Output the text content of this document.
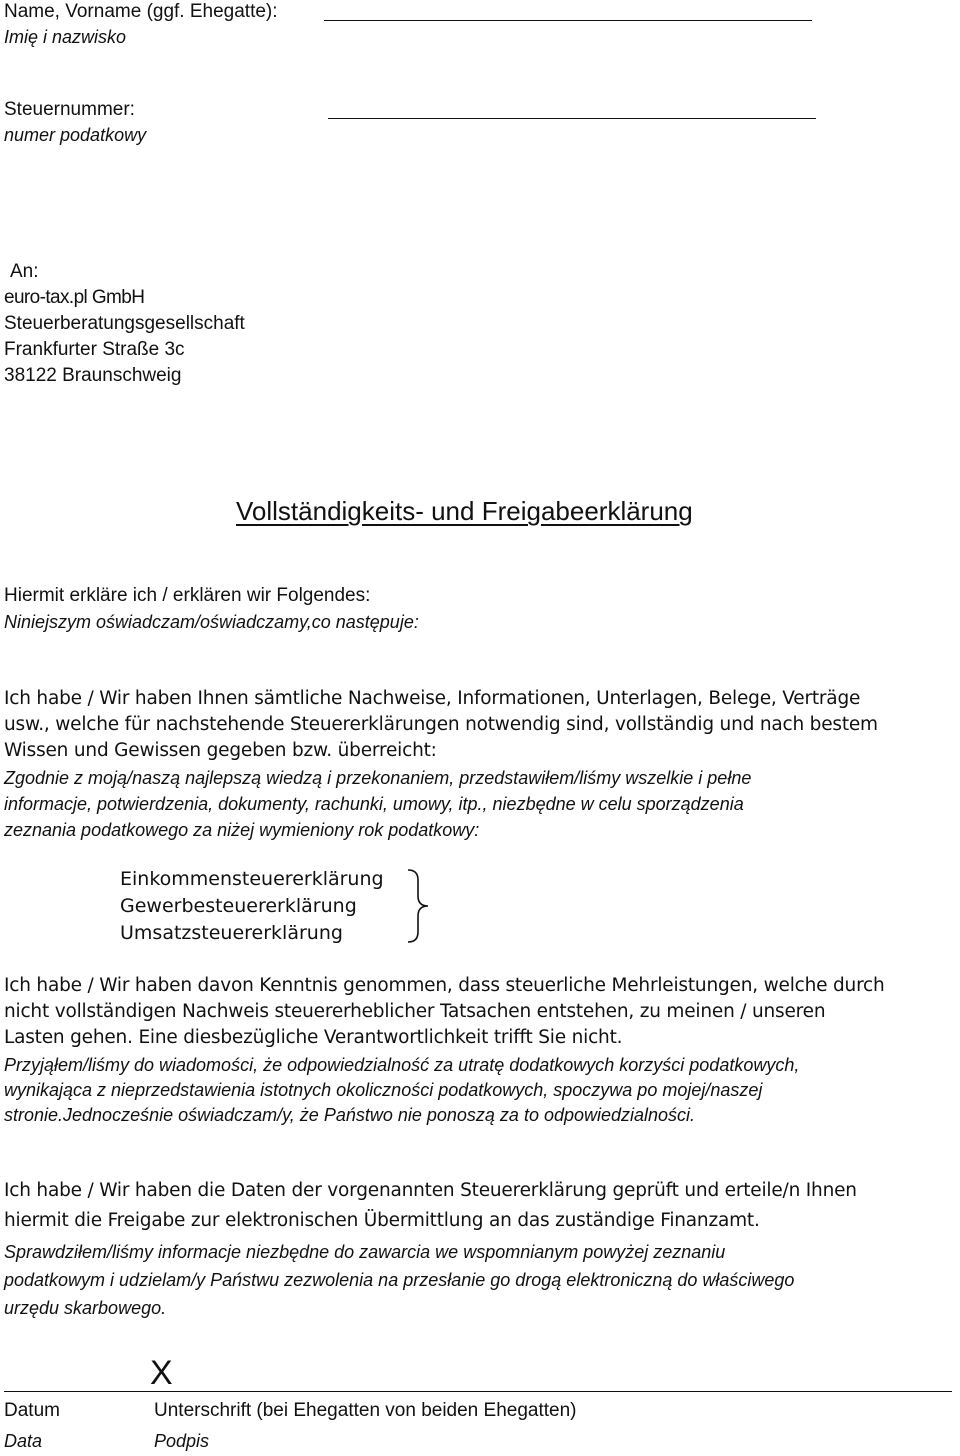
Name, Vorname (ggf. Ehegatte):
Imię i nazwisko
Steuernummer:
numer podatkowy
An:
euro-tax.pl GmbH
Steuerberatungsgesellschaft
Frankfurter Straße 3c
38122 Braunschweig
Vollständigkeits- und Freigabeerklärung
Hiermit erkläre ich / erklären wir Folgendes:
Niniejszym oświadczam/oświadczamy,co następuje:
Ich habe / Wir haben Ihnen sämtliche Nachweise, Informationen, Unterlagen, Belege, Verträge
usw., welche für nachstehende Steuererklärungen notwendig sind, vollständig und nach bestem
Wissen und Gewissen gegeben bzw. überreicht:
Zgodnie z moją/naszą najlepszą wiedzą i przekonaniem, przedstawiłem/liśmy wszelkie i pełne
informacje, potwierdzenia, dokumenty, rachunki, umowy, itp., niezbędne w celu sporządzenia
zeznania podatkowego za niżej wymieniony rok podatkowy:
Einkommensteuererklärung
Gewerbesteuererklärung
Umsatzsteuererklärung
Ich habe / Wir haben davon Kenntnis genommen, dass steuerliche Mehrleistungen, welche durch
nicht vollständigen Nachweis steuererheblicher Tatsachen entstehen, zu meinen / unseren
Lasten gehen. Eine diesbezügliche Verantwortlichkeit trifft Sie nicht.
Przyjąłem/liśmy do wiadomości, że odpowiedzialność za utratę dodatkowych korzyści podatkowych,
wynikająca z nieprzedstawienia istotnych okoliczności podatkowych, spoczywa po mojej/naszej
stronie.Jednocześnie oświadczam/y, że Państwo nie ponoszą za to odpowiedzialności.
Ich habe / Wir haben die Daten der vorgenannten Steuererklärung geprüft und erteile/n Ihnen
hiermit die Freigabe zur elektronischen Übermittlung an das zuständige Finanzamt.
Sprawdziłem/liśmy informacje niezbędne do zawarcia we wspomnianym powyżej zeznaniu
podatkowym i udzielam/y Państwu zezwolenia na przesłanie go drogą elektroniczną do właściwego
urzędu skarbowego.
X
Datum
Data
Unterschrift (bei Ehegatten von beiden Ehegatten)
Podpis
